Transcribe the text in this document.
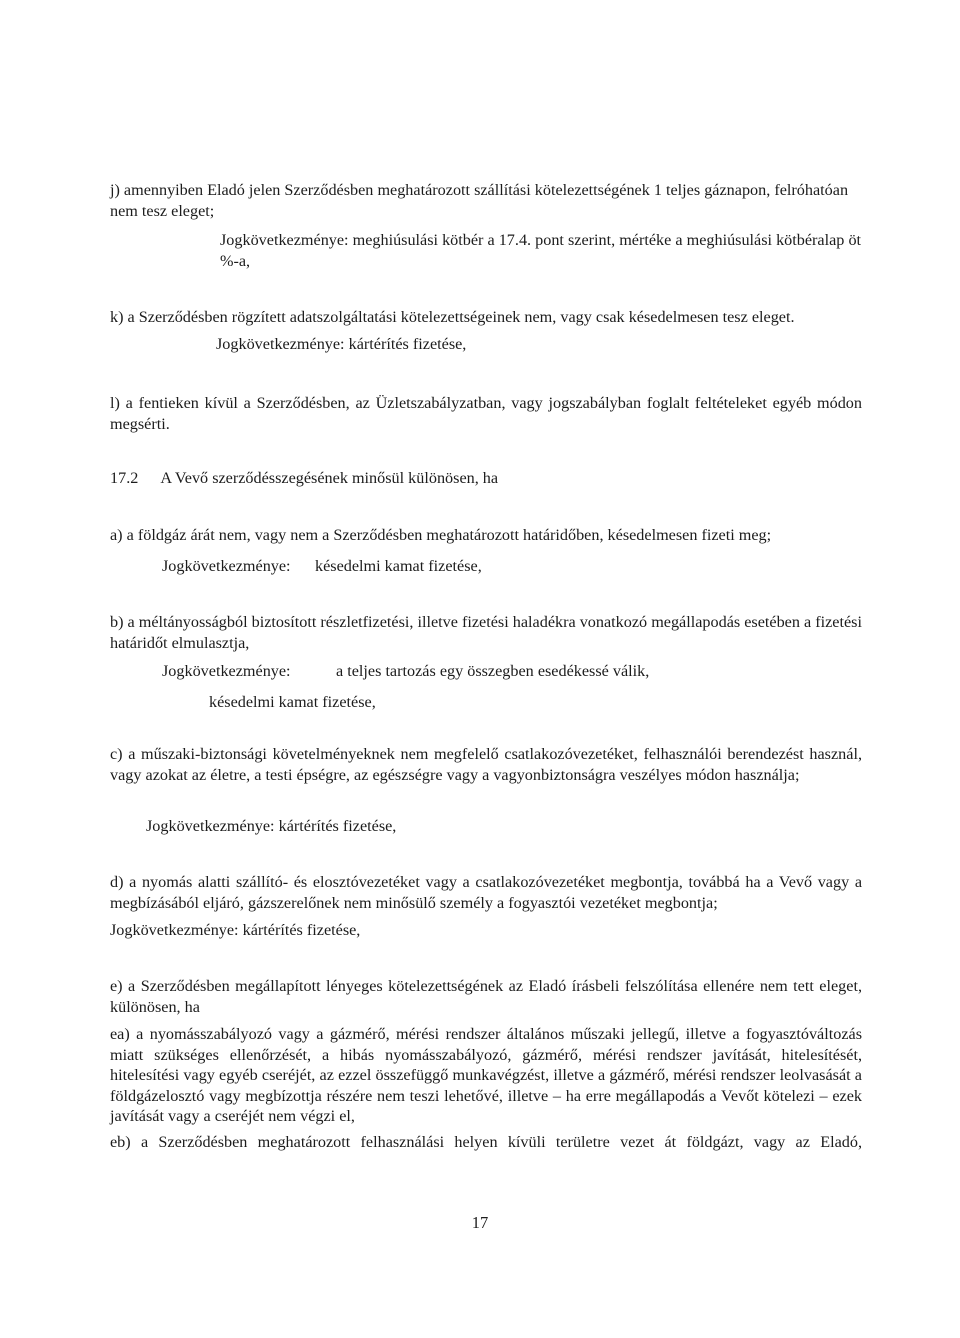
j) amennyiben Eladó jelen Szerződésben meghatározott szállítási kötelezettségének 1 teljes gáznapon, felróhatóan nem tesz eleget;

Jogkövetkezménye: meghiúsulási kötbér a 17.4. pont szerint, mértéke a meghiúsulási kötbéralap öt %-a,

k) a Szerződésben rögzített adatszolgáltatási kötelezettségeinek nem, vagy csak késedelmesen tesz eleget.

Jogkövetkezménye: kártérítés fizetése,

l) a fentieken kívül a Szerződésben, az Üzletszabályzatban, vagy jogszabályban foglalt feltételeket egyéb módon megsérti.

17.2 A Vevő szerződésszegésének minősül különösen, ha

a) a földgáz árát nem, vagy nem a Szerződésben meghatározott határidőben, késedelmesen fizeti meg;

Jogkövetkezménye: késedelmi kamat fizetése,

b) a méltányosságból biztosított részletfizetési, illetve fizetési haladékra vonatkozó megállapodás esetében a fizetési határidőt elmulasztja,

Jogkövetkezménye:	a teljes tartozás egy összegben esedékessé válik,
késedelmi kamat fizetése,

c) a műszaki-biztonsági követelményeknek nem megfelelő csatlakozóvezetéket, felhasználói berendezést használ, vagy azokat az életre, a testi épségre, az egészségre vagy a vagyonbiztonságra veszélyes módon használja;

Jogkövetkezménye: kártérítés fizetése,

d) a nyomás alatti szállító- és elosztóvezetéket vagy a csatlakozóvezetéket megbontja, továbbá ha a Vevő vagy a megbízásából eljáró, gázszerelőnek nem minősülő személy a fogyasztói vezetéket megbontja;

Jogkövetkezménye: kártérítés fizetése,

e) a Szerződésben megállapított lényeges kötelezettségének az Eladó írásbeli felszólítása ellenére nem tett eleget, különösen, ha

ea) a nyomásszabályozó vagy a gázmérő, mérési rendszer általános műszaki jellegű, illetve a fogyasztóváltozás miatt szükséges ellenőrzését, a hibás nyomásszabályozó, gázmérő, mérési rendszer javítását, hitelesítését, hitelesítési vagy egyéb cseréjét, az ezzel összefüggő munkavégzést, illetve a gázmérő, mérési rendszer leolvasását a földgázelosztó vagy megbízottja részére nem teszi lehetővé, illetve – ha erre megállapodás a Vevőt kötelezi – ezek javítását vagy a cseréjét nem végzi el,

eb) a Szerződésben meghatározott felhasználási helyen kívüli területre vezet át földgázt, vagy az Eladó,

17
